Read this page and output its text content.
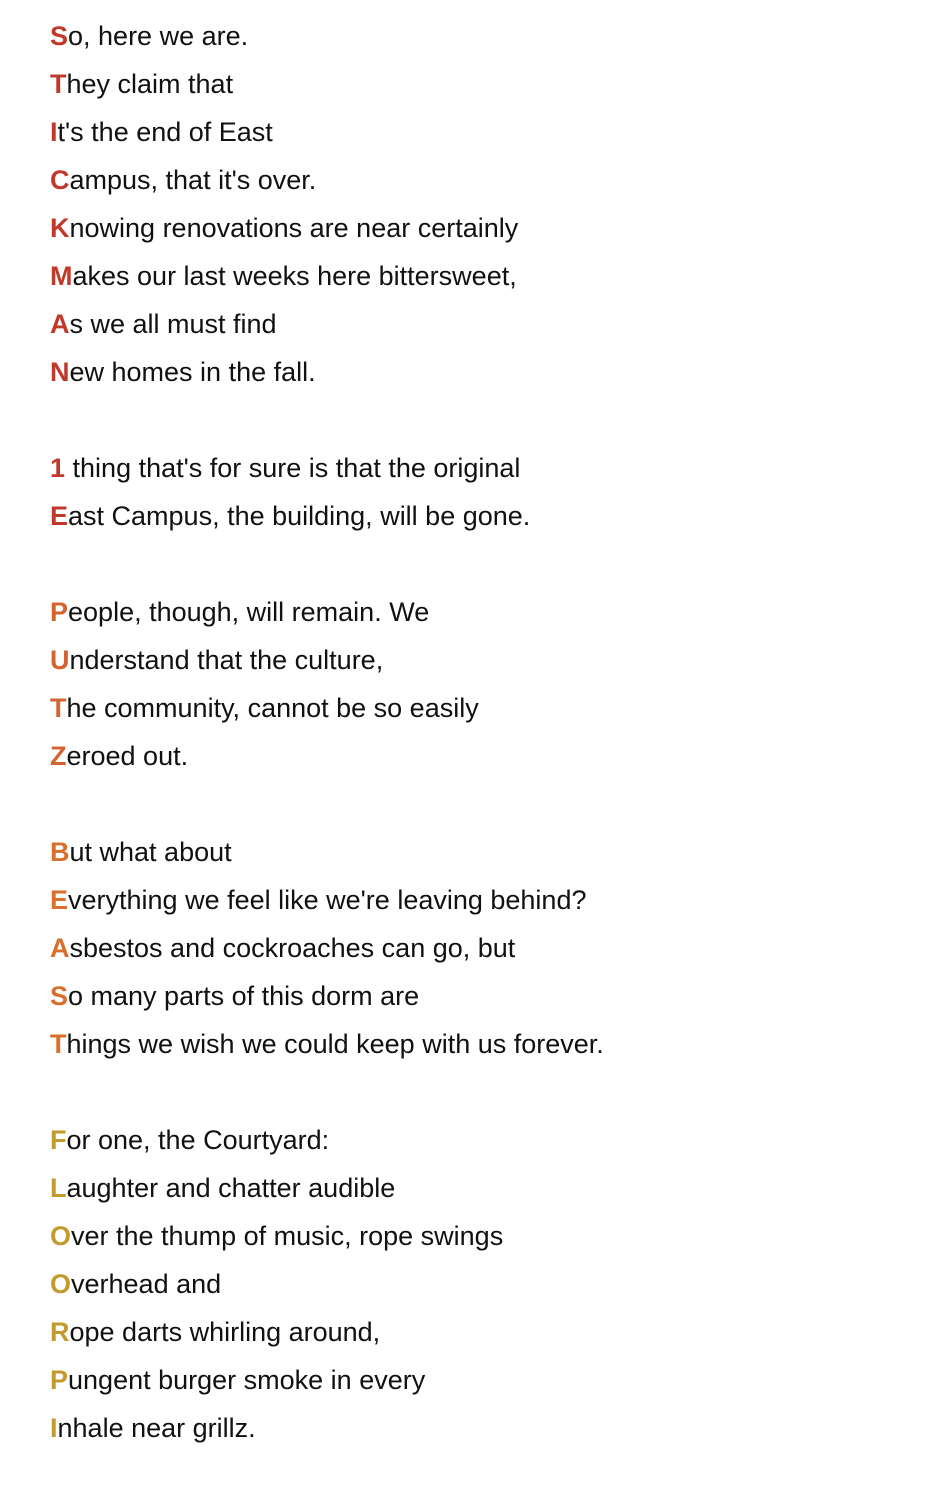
So, here we are.
They claim that
It's the end of East
Campus, that it's over.
Knowing renovations are near certainly
Makes our last weeks here bittersweet,
As we all must find
New homes in the fall.
1 thing that's for sure is that the original
East Campus, the building, will be gone.
People, though, will remain. We
Understand that the culture,
The community, cannot be so easily
Zeroed out.
But what about
Everything we feel like we're leaving behind?
Asbestos and cockroaches can go, but
So many parts of this dorm are
Things we wish we could keep with us forever.
For one, the Courtyard:
Laughter and chatter audible
Over the thump of music, rope swings
Overhead and
Rope darts whirling around,
Pungent burger smoke in every
Inhale near grillz.
